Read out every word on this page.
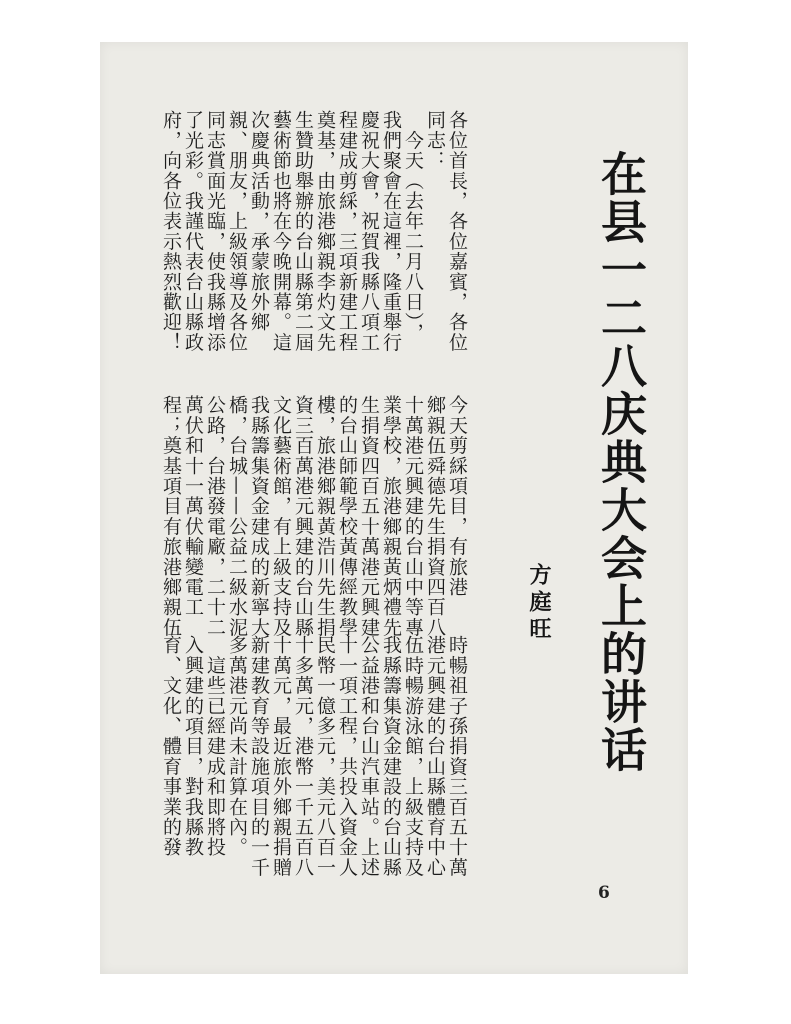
在县一二八庆典大会上的讲话
方庭旺
各位首長，各位嘉賓，各位
同志：
　今天（去年二月八日），
我們聚會在這裡，隆重舉行
慶祝大會，祝賀我縣八項工
程建成剪綵，三項新建工程
奠基，由旅港鄉親李灼文先
生贊助舉辦的台山縣第二屆
藝術節也將在今晚開幕。這
次慶典活動，承蒙旅外鄉
親、朋友，上級領導及各位
同志賞面光臨，使我縣增添
了光彩。我謹代表台山縣政
府，向各位表示熱烈歡迎！
今天剪綵項目，有旅港
鄉親伍舜德先生捐資四百八
十萬港元興建的台山中等專
業學校，旅港鄉親黃炳禮先
生捐資四百五十萬港元興建
的台山師範學校黃傳經教學
樓，旅港鄉親黃浩川先生捐
資三百萬港元興建的台山縣
文化藝術館，有上級支持及
我縣籌集資金建成的新寧大
橋，台城——公益二級水泥
公路，台港發電廠，二十二
萬伏和十一萬伏輸變電工
程；奠基項目有旅港鄉親伍
時暢祖子孫捐資三百五十萬
港元興建的台山縣體育中心
伍時暢游泳館，上級支持及
我縣籌集資金建設的台山縣
公益港和台山汽車站。上述
十一項工程，共投入資金人
民幣一億多元，美元八百一
十多萬元，港幣一千五百八
十萬元，最近旅外鄉親捐贈
新建教育等設施項目的一千
多萬港元尚未計算在內。
　這些已經建成和即將投
入興建的項目，對我縣教
育、文化、體育事業的發
6
